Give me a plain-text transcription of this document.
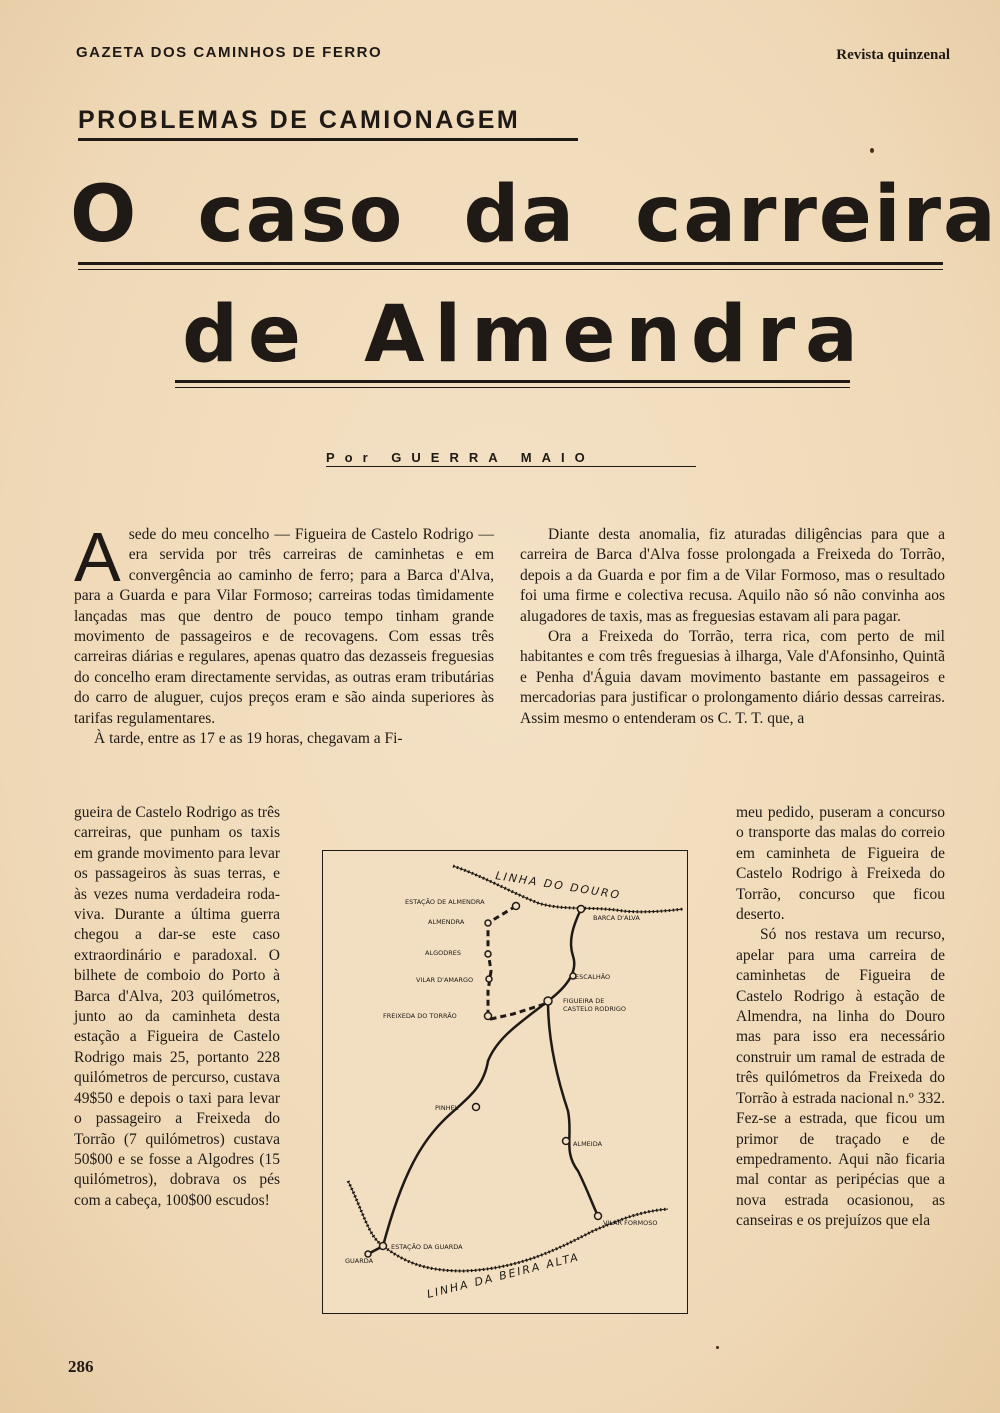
GAZETA DOS CAMINHOS DE FERRO	Revista quinzenal
PROBLEMAS DE CAMIONAGEM
O caso da carreira
de Almendra
Por GUERRA MAIO
A sede do meu concelho — Figueira de Castelo Rodrigo — era servida por três carreiras de caminhetas e em convergência ao caminho de ferro; para a Barca d'Alva, para a Guarda e para Vilar Formoso; carreiras todas tìmidamente lançadas mas que dentro de pouco tempo tinham grande movimento de passageiros e de recovagens. Com essas três carreiras diárias e regulares, apenas quatro das dezasseis freguesias do concelho eram directamente servidas, as outras eram tributárias do carro de aluguer, cujos preços eram e são ainda superiores às tarifas regulamentares.

À tarde, entre as 17 e as 19 horas, chegavam a Fi-

gueira de Castelo Rodrigo as três carreiras, que punham os taxis em grande movimento para levar os passageiros às suas terras, e às vezes numa verdadeira roda-viva. Durante a última guerra chegou a dar-se este caso extraordinário e paradoxal. O bilhete de comboio do Porto à Barca d'Alva, 203 quilómetros, junto ao da caminheta desta estação a Figueira de Castelo Rodrigo mais 25, portanto 228 quilómetros de percurso, custava 49$50 e depois o taxi para levar o passageiro a Freixeda do Torrão (7 quilómetros) custava 50$00 e se fosse a Algodres (15 quilómetros), dobrava os pés com a cabeça, 100$00 escudos!

Diante desta anomalia, fiz aturadas diligências para que a carreira de Barca d'Alva fosse prolongada a Freixeda do Torrão, depois a da Guarda e por fim a de Vilar Formoso, mas o resultado foi uma firme e colectiva recusa. Aquilo não só não convinha aos alugadores de taxis, mas as freguesias estavam ali para pagar.

Ora a Freixeda do Torrão, terra rica, com perto de mil habitantes e com três freguesias à ilharga, Vale d'Afonsinho, Quintã e Penha d'Águia davam movimento bastante em passageiros e mercadorias para justificar o prolongamento diário dessas carreiras. Assim mesmo o entenderam os C. T. T. que, a

meu pedido, puseram a concurso o transporte das malas do correio em caminheta de Figueira de Castelo Rodrigo à Freixeda do Torrão, concurso que ficou deserto.

Só nos restava um recurso, apelar para uma carreira de caminhetas de Figueira de Castelo Rodrigo à estação de Almendra, na linha do Douro mas para isso era necessário construir um ramal de estrada de três quilómetros da Freixeda do Torrão à estrada nacional n.º 332. Fez-se a estrada, que ficou um primor de traçado e de empedramento. Aqui não ficaria mal contar as peripécias que a nova estrada ocasionou, as canseiras e os prejuízos que ela

LINHA DO DOURO
LINHA DA BEIRA ALTA
ESTAÇÃO DE ALMENDRA
BARCA D'ALVA
ALMENDRA
ALGODRES
VILAR D'AMARGO	ESCALHÃO
FREIXEDA DO TORRÃO
FIGUEIRA DE
CASTELO RODRIGO
PINHEL
ALMEIDA
VILAR FORMOSO
ESTAÇÃO DA GUARDA
GUARDA
286
